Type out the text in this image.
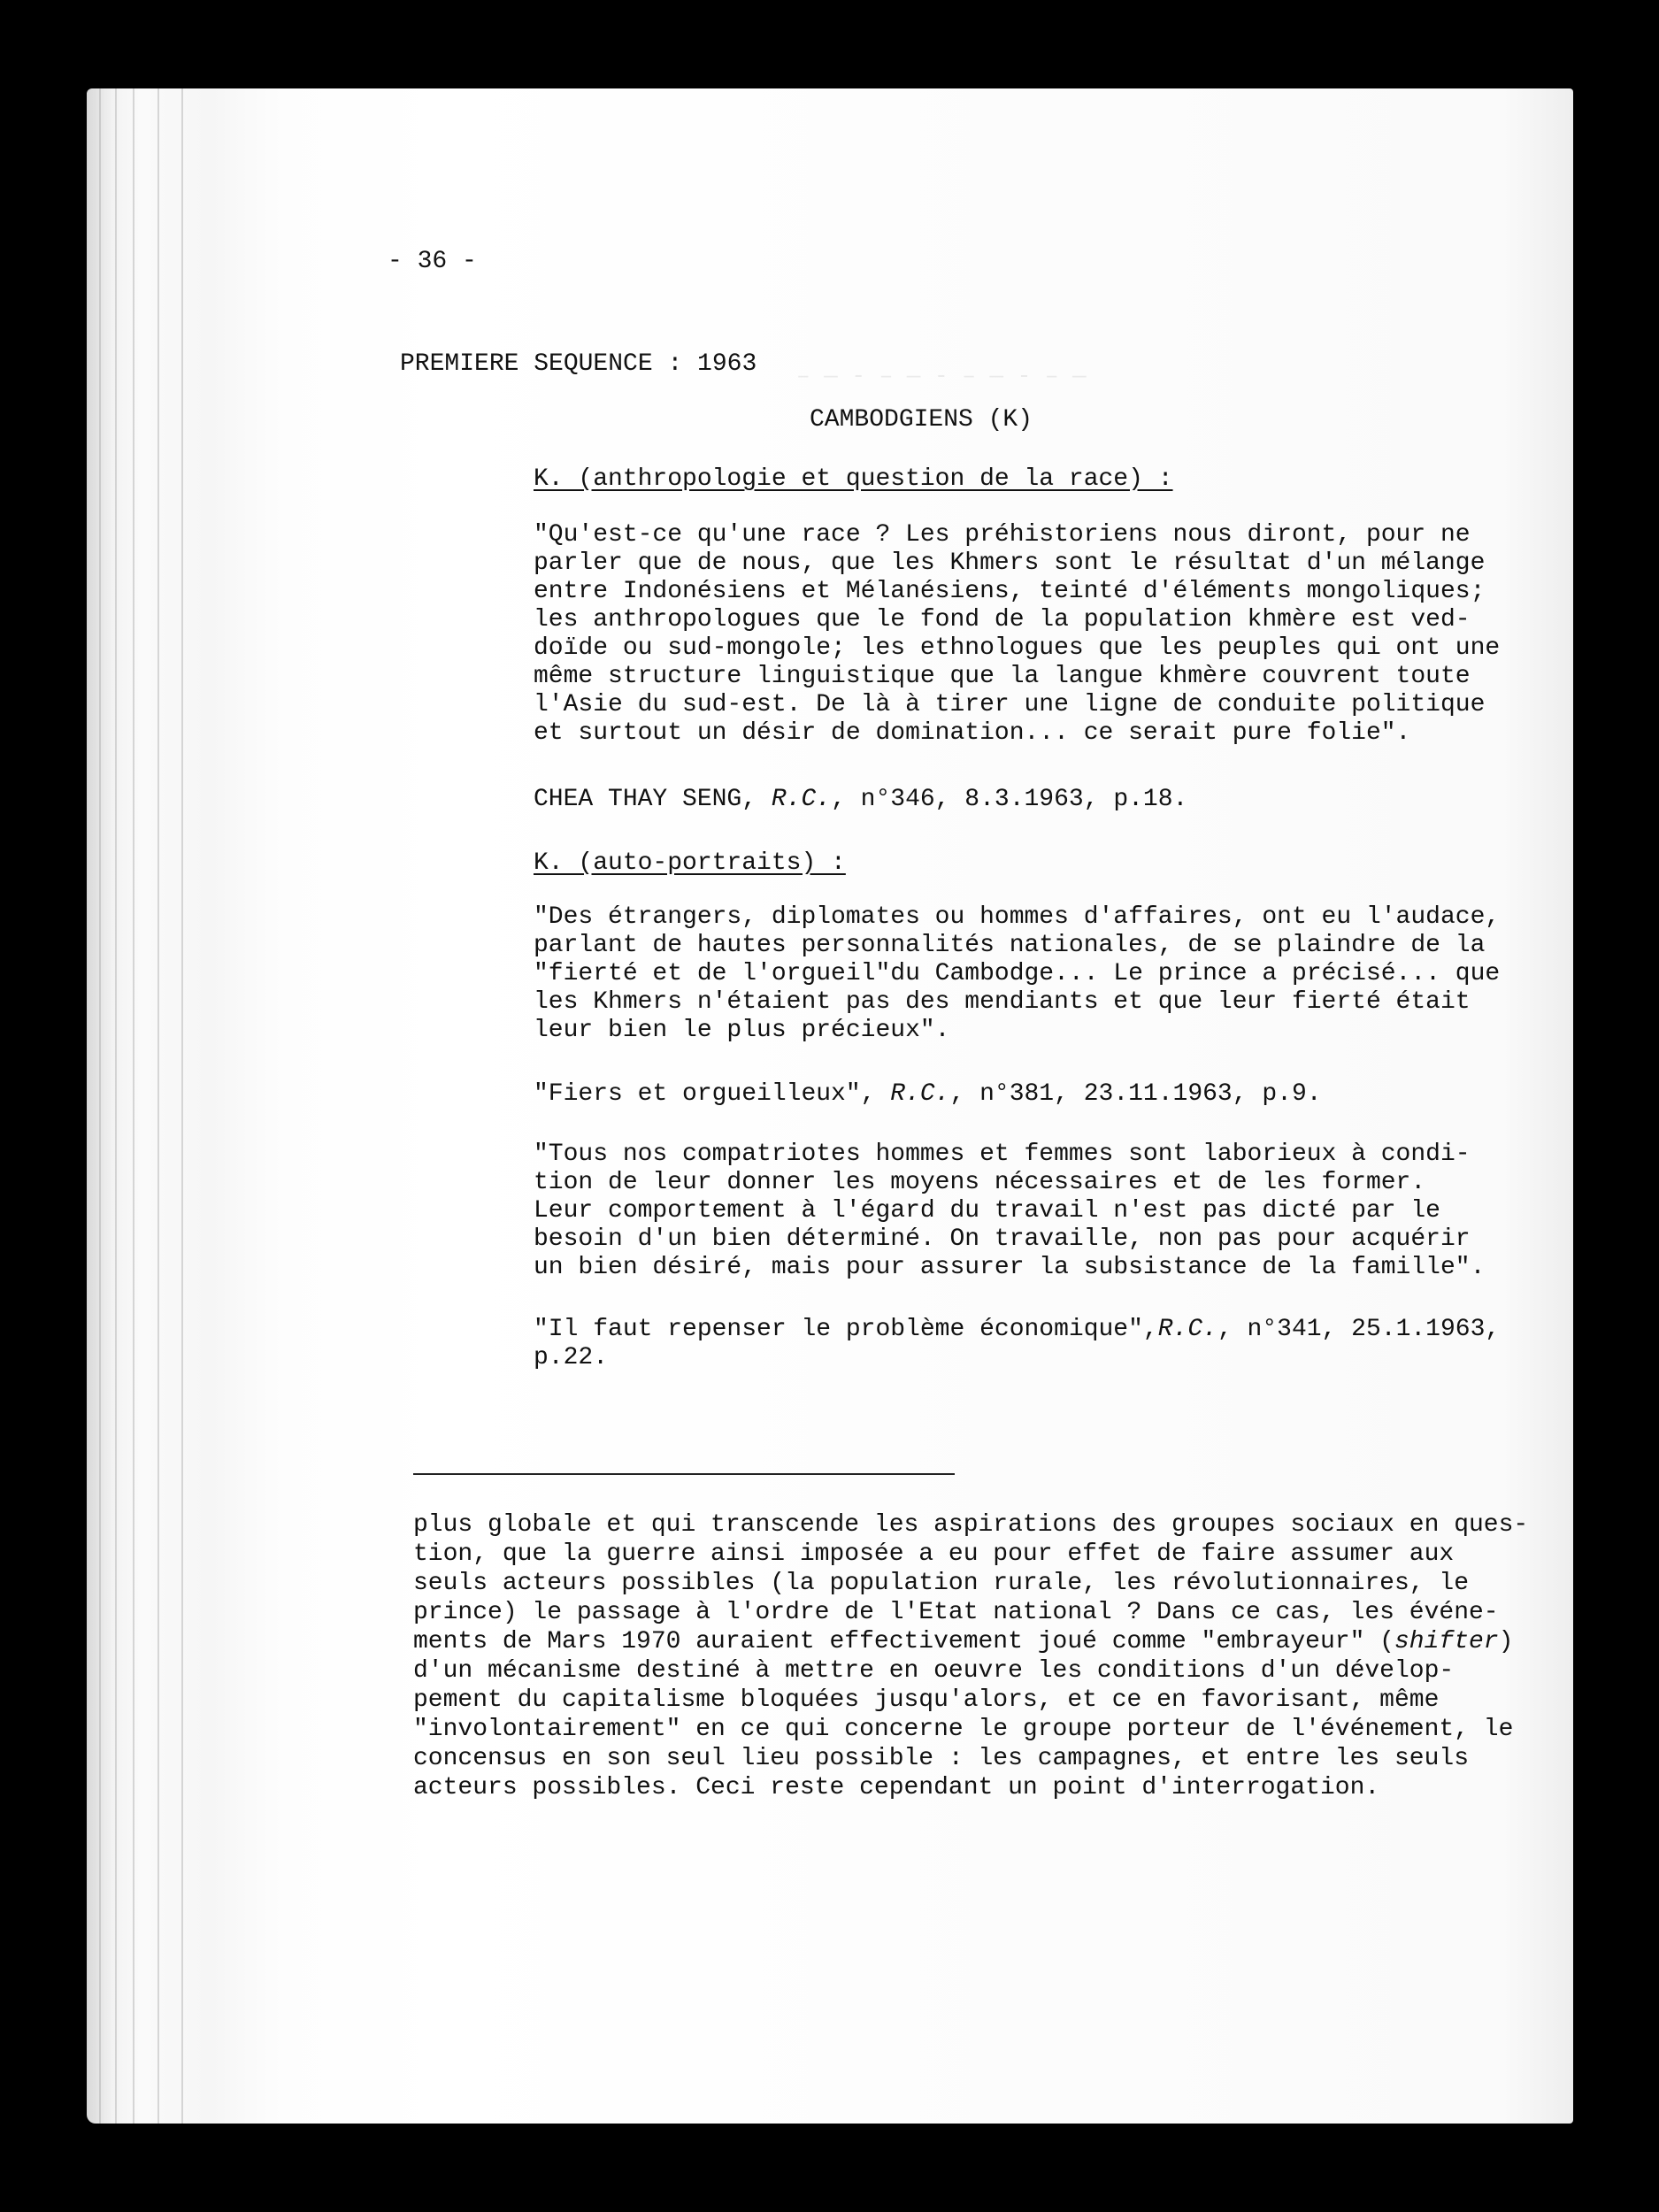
— ‒ ‐ — ‒ ‐ — ‒ ‐ — ‒
- 36 -
PREMIERE SEQUENCE : 1963
CAMBODGIENS (K)
K. (anthropologie et question de la race) :
"Qu'est-ce qu'une race ? Les préhistoriens nous diront, pour ne
parler que de nous, que les Khmers sont le résultat d'un mélange
entre Indonésiens et Mélanésiens, teinté d'éléments mongoliques;
les anthropologues que le fond de la population khmère est ved-
doïde ou sud-mongole; les ethnologues que les peuples qui ont une
même structure linguistique que la langue khmère couvrent toute
l'Asie du sud-est. De là à tirer une ligne de conduite politique
et surtout un désir de domination... ce serait pure folie".
CHEA THAY SENG, R.C., n°346, 8.3.1963, p.18.
K. (auto-portraits) :
"Des étrangers, diplomates ou hommes d'affaires, ont eu l'audace,
parlant de hautes personnalités nationales, de se plaindre de la
"fierté et de l'orgueil"du Cambodge... Le prince a précisé... que
les Khmers n'étaient pas des mendiants et que leur fierté était
leur bien le plus précieux".
"Fiers et orgueilleux", R.C., n°381, 23.11.1963, p.9.
"Tous nos compatriotes hommes et femmes sont laborieux à condi-
tion de leur donner les moyens nécessaires et de les former.
Leur comportement à l'égard du travail n'est pas dicté par le
besoin d'un bien déterminé. On travaille, non pas pour acquérir
un bien désiré, mais pour assurer la subsistance de la famille".
"Il faut repenser le problème économique",R.C., n°341, 25.1.1963,
p.22.
plus globale et qui transcende les aspirations des groupes sociaux en ques-
tion, que la guerre ainsi imposée a eu pour effet de faire assumer aux
seuls acteurs possibles (la population rurale, les révolutionnaires, le
prince) le passage à l'ordre de l'Etat national ? Dans ce cas, les événe-
ments de Mars 1970 auraient effectivement joué comme "embrayeur" (shifter)
d'un mécanisme destiné à mettre en oeuvre les conditions d'un dévelop-
pement du capitalisme bloquées jusqu'alors, et ce en favorisant, même
"involontairement" en ce qui concerne le groupe porteur de l'événement, le
concensus en son seul lieu possible : les campagnes, et entre les seuls
acteurs possibles. Ceci reste cependant un point d'interrogation.
